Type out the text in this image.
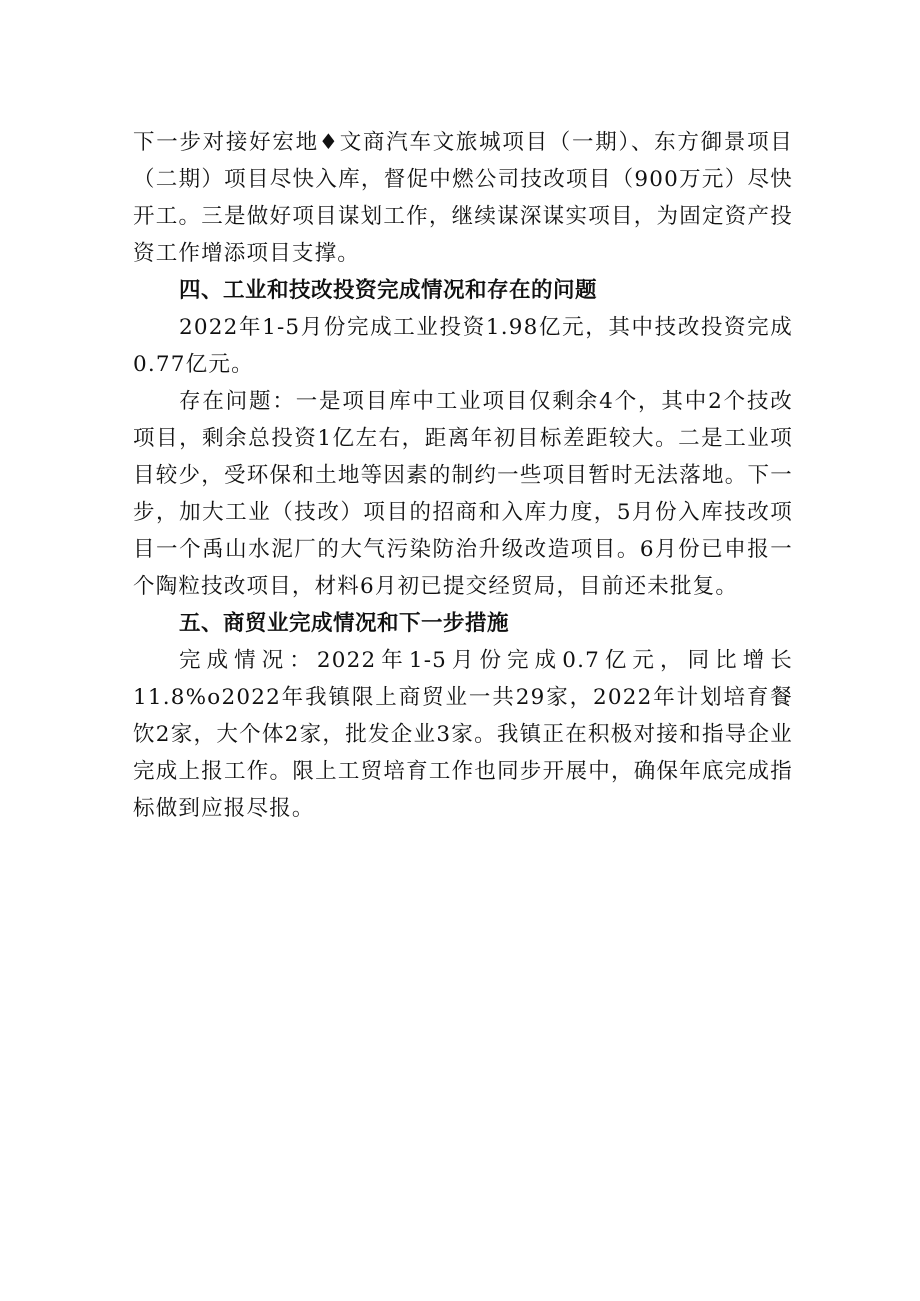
下一步对接好宏地♦文商汽车文旅城项目（一期）、东方御景项目（二期）项目尽快入库，督促中燃公司技改项目（900万元）尽快开工。三是做好项目谋划工作，继续谋深谋实项目，为固定资产投资工作增添项目支撑。

四、工业和技改投资完成情况和存在的问题

2022年1-5月份完成工业投资1.98亿元，其中技改投资完成0.77亿元。

存在问题：一是项目库中工业项目仅剩余4个，其中2个技改项目，剩余总投资1亿左右，距离年初目标差距较大。二是工业项目较少，受环保和土地等因素的制约一些项目暂时无法落地。下一步，加大工业（技改）项目的招商和入库力度，5月份入库技改项目一个禹山水泥厂的大气污染防治升级改造项目。6月份已申报一个陶粒技改项目，材料6月初已提交经贸局，目前还未批复。

五、商贸业完成情况和下一步措施

完成情况：2022年1-5月份完成0.7亿元，同比增长11.8%o2022年我镇限上商贸业一共29家，2022年计划培育餐饮2家，大个体2家，批发企业3家。我镇正在积极对接和指导企业完成上报工作。限上工贸培育工作也同步开展中，确保年底完成指标做到应报尽报。
